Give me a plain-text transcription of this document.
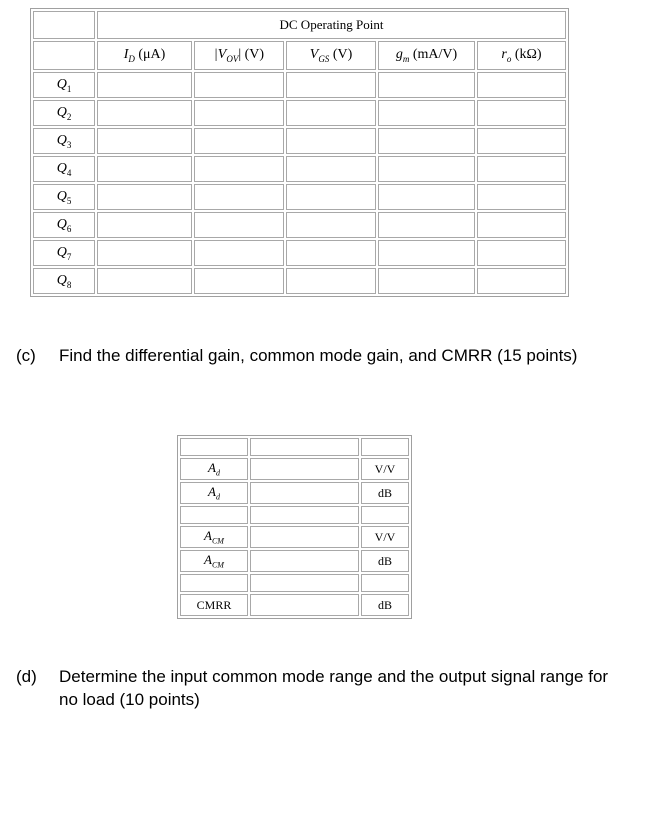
	DC Operating Point				
	$I_D$ (μA)	$|V_{OV}|$ (V)	$V_{GS}$ (V)	$g_m$ (mA/V)	$r_o$ (kΩ)
$Q_1$					
$Q_2$					
$Q_3$					
$Q_4$					
$Q_5$					
$Q_6$					
$Q_7$					
$Q_8$					
(c) Find the differential gain, common mode gain, and CMRR (15 points)

$A_d$		V/V
$A_d$		dB

$A_{CM}$		V/V
$A_{CM}$		dB

CMRR		dB
(d) Determine the input common mode range and the output signal range for no load (10 points)
